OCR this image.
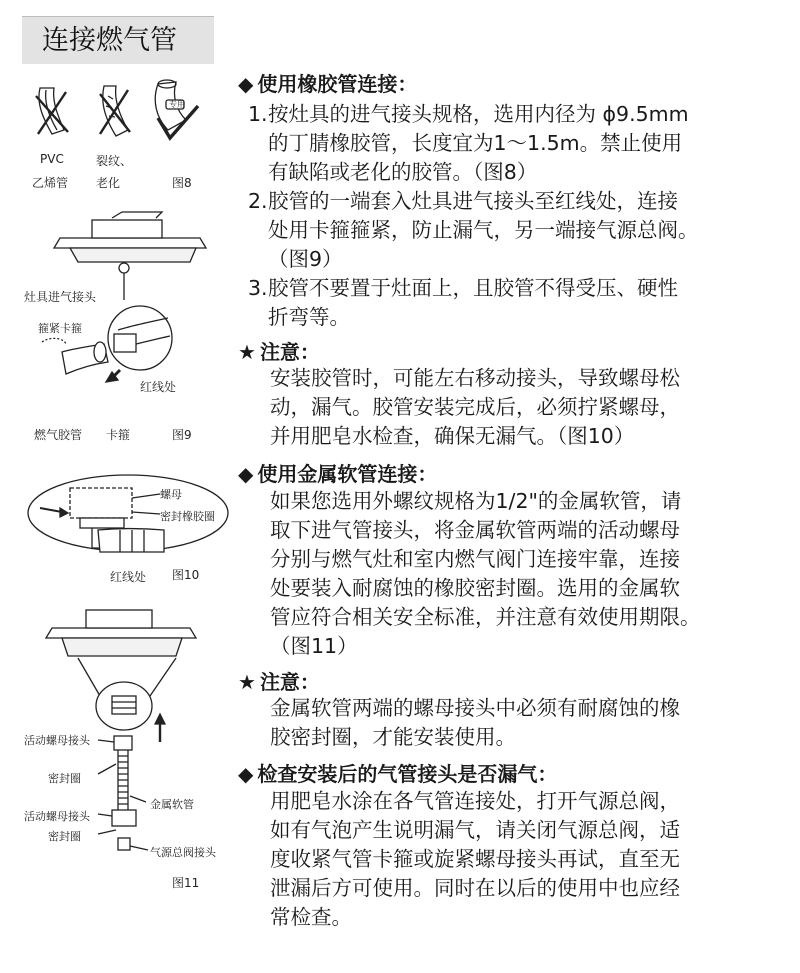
连接燃气管
PVC
乙烯管
裂纹、
老化
专用
图8
灶具进气接头
箍紧卡箍
红线处
燃气胶管 卡箍	图9
螺母
密封橡胶圈
红线处 图10
活动螺母接头
密封圈
金属软管
活动螺母接头
密封圈
气源总阀接头
图11
◆ 使用橡胶管连接：
1.按灶具的进气接头规格，选用内径为 ϕ9.5mm
的丁腈橡胶管，长度宜为1～1.5m。禁止使用
有缺陷或老化的胶管。（图8）
2.胶管的一端套入灶具进气接头至红线处，连接
处用卡箍箍紧，防止漏气，另一端接气源总阀。
（图9）
3.胶管不要置于灶面上，且胶管不得受压、硬性
折弯等。
★ 注意：
安装胶管时，可能左右移动接头，导致螺母松
动，漏气。胶管安装完成后，必须拧紧螺母，
并用肥皂水检查，确保无漏气。（图10）
◆ 使用金属软管连接：
如果您选用外螺纹规格为1/2"的金属软管，请
取下进气管接头，将金属软管两端的活动螺母
分别与燃气灶和室内燃气阀门连接牢靠，连接
处要装入耐腐蚀的橡胶密封圈。选用的金属软
管应符合相关安全标准，并注意有效使用期限。
（图11）
★ 注意：
金属软管两端的螺母接头中必须有耐腐蚀的橡
胶密封圈，才能安装使用。
◆ 检查安装后的气管接头是否漏气：
用肥皂水涂在各气管连接处，打开气源总阀，
如有气泡产生说明漏气，请关闭气源总阀，适
度收紧气管卡箍或旋紧螺母接头再试，直至无
泄漏后方可使用。同时在以后的使用中也应经
常检查。
